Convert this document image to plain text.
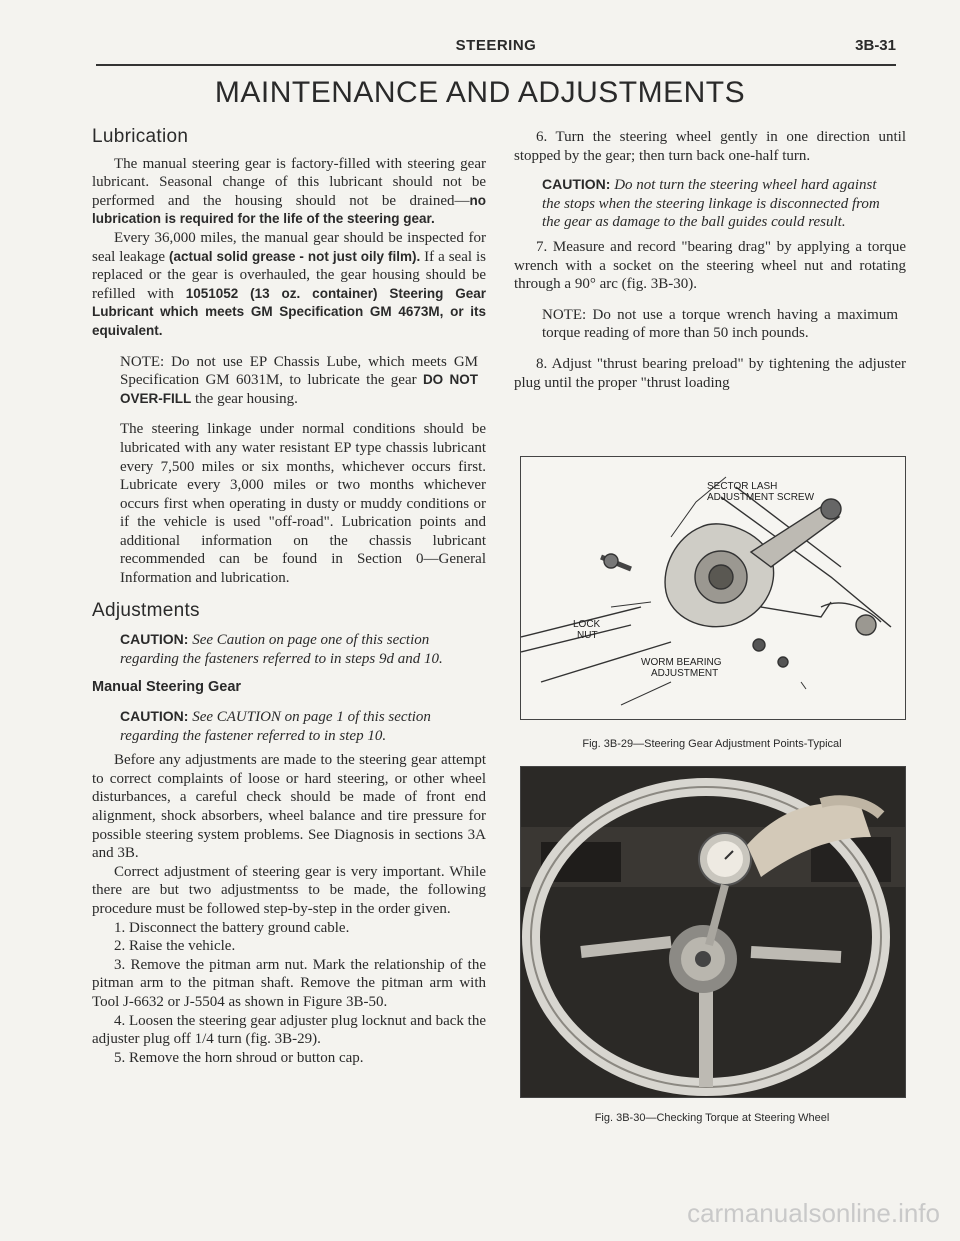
STEERING	3B-31
MAINTENANCE AND ADJUSTMENTS
Lubrication

The manual steering gear is factory-filled with steering gear lubricant. Seasonal change of this lubricant should not be performed and the housing should not be drained—no lubrication is required for the life of the steering gear.

Every 36,000 miles, the manual gear should be inspected for seal leakage (actual solid grease - not just oily film). If a seal is replaced or the gear is overhauled, the gear housing should be refilled with 1051052 (13 oz. container) Steering Gear Lubricant which meets GM Specification GM 4673M, or its equivalent.

NOTE: Do not use EP Chassis Lube, which meets GM Specification GM 6031M, to lubricate the gear DO NOT OVER-FILL the gear housing.

The steering linkage under normal conditions should be lubricated with any water resistant EP type chassis lubricant every 7,500 miles or six months, whichever occurs first. Lubricate every 3,000 miles or two months whichever occurs first when operating in dusty or muddy conditions or if the vehicle is used "off-road". Lubrication points and additional information on the chassis lubricant recommended can be found in Section 0—General Information and lubrication.

Adjustments

CAUTION: See Caution on page one of this section regarding the fasteners referred to in steps 9d and 10.

Manual Steering Gear

CAUTION: See CAUTION on page 1 of this section regarding the fastener referred to in step 10.

Before any adjustments are made to the steering gear attempt to correct complaints of loose or hard steering, or other wheel disturbances, a careful check should be made of front end alignment, shock absorbers, wheel balance and tire pressure for possible steering system problems. See Diagnosis in sections 3A and 3B.

Correct adjustment of steering gear is very important. While there are but two adjustmentss to be made, the following procedure must be followed step-by-step in the order given.

1. Disconnect the battery ground cable.

2. Raise the vehicle.

3. Remove the pitman arm nut. Mark the relationship of the pitman arm to the pitman shaft. Remove the pitman arm with Tool J-6632 or J-5504 as shown in Figure 3B-50.

4. Loosen the steering gear adjuster plug locknut and back the adjuster plug off 1/4 turn (fig. 3B-29).

5. Remove the horn shroud or button cap.

6. Turn the steering wheel gently in one direction until stopped by the gear; then turn back one-half turn.

CAUTION: Do not turn the steering wheel hard against the stops when the steering linkage is disconnected from the gear as damage to the ball guides could result.

7. Measure and record "bearing drag" by applying a torque wrench with a socket on the steering wheel nut and rotating through a 90° arc (fig. 3B-30).

NOTE: Do not use a torque wrench having a maximum torque reading of more than 50 inch pounds.

8. Adjust "thrust bearing preload" by tightening the adjuster plug until the proper "thrust loading

SECTOR LASH
ADJUSTMENT SCREW
LOCK
NUT
WORM BEARING
ADJUSTMENT
Fig. 3B-29—Steering Gear Adjustment Points-Typical
Fig. 3B-30—Checking Torque at Steering Wheel
carmanualsonline.info
